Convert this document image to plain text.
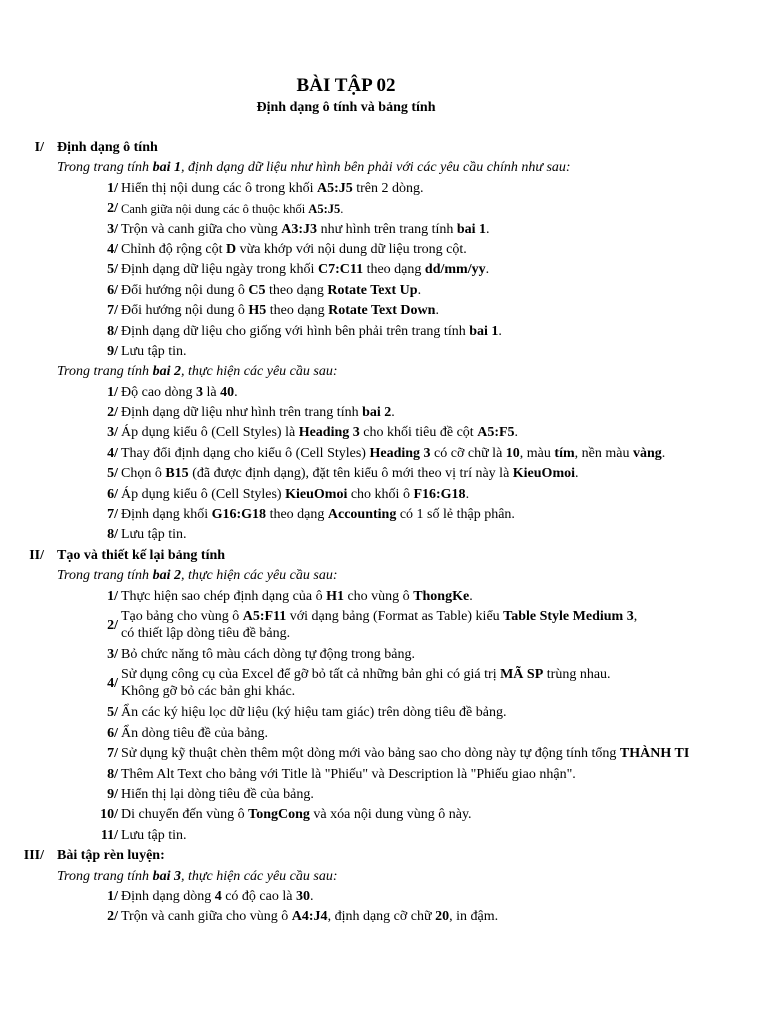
BÀI TẬP 02
Định dạng ô tính và bảng tính
I/ Định dạng ô tính
Trong trang tính bai 1, định dạng dữ liệu như hình bên phải với các yêu cầu chính như sau:
1/ Hiển thị nội dung các ô trong khối A5:J5 trên 2 dòng.
2/ Canh giữa nội dung các ô thuộc khối A5:J5.
3/ Trộn và canh giữa cho vùng A3:J3 như hình trên trang tính bai 1.
4/ Chỉnh độ rộng cột D vừa khớp với nội dung dữ liệu trong cột.
5/ Định dạng dữ liệu ngày trong khối C7:C11 theo dạng dd/mm/yy.
6/ Đổi hướng nội dung ô C5 theo dạng Rotate Text Up.
7/ Đổi hướng nội dung ô H5 theo dạng Rotate Text Down.
8/ Định dạng dữ liệu cho giống với hình bên phải trên trang tính bai 1.
9/ Lưu tập tin.
Trong trang tính bai 2, thực hiện các yêu cầu sau:
1/ Độ cao dòng 3 là 40.
2/ Định dạng dữ liệu như hình trên trang tính bai 2.
3/ Áp dụng kiểu ô (Cell Styles) là Heading 3 cho khối tiêu đề cột A5:F5.
4/ Thay đổi định dạng cho kiểu ô (Cell Styles) Heading 3 có cỡ chữ là 10, màu tím, nền màu vàng.
5/ Chọn ô B15 (đã được định dạng), đặt tên kiểu ô mới theo vị trí này là KieuOmoi.
6/ Áp dụng kiểu ô (Cell Styles) KieuOmoi cho khối ô F16:G18.
7/ Định dạng khối G16:G18 theo dạng Accounting có 1 số lẻ thập phân.
8/ Lưu tập tin.
II/ Tạo và thiết kế lại bảng tính
Trong trang tính bai 2, thực hiện các yêu cầu sau:
1/ Thực hiện sao chép định dạng của ô H1 cho vùng ô ThongKe.
2/
Tạo bảng cho vùng ô A5:F11 với dạng bảng (Format as Table) kiểu Table Style Medium 3,
có thiết lập dòng tiêu đề bảng.
3/ Bỏ chức năng tô màu cách dòng tự động trong bảng.
4/
Sử dụng công cụ của Excel để gỡ bỏ tất cả những bản ghi có giá trị MÃ SP trùng nhau.
Không gỡ bỏ các bản ghi khác.
5/ Ẩn các ký hiệu lọc dữ liệu (ký hiệu tam giác) trên dòng tiêu đề bảng.
6/ Ẩn dòng tiêu đề của bảng.
7/ Sử dụng kỹ thuật chèn thêm một dòng mới vào bảng sao cho dòng này tự động tính tổng THÀNH TI
8/ Thêm Alt Text cho bảng với Title là "Phiếu" và Description là "Phiếu giao nhận".
9/ Hiển thị lại dòng tiêu đề của bảng.
10/ Di chuyển đến vùng ô TongCong và xóa nội dung vùng ô này.
11/ Lưu tập tin.
III/ Bài tập rèn luyện:
Trong trang tính bai 3, thực hiện các yêu cầu sau:
1/ Định dạng dòng 4 có độ cao là 30.
2/ Trộn và canh giữa cho vùng ô A4:J4, định dạng cỡ chữ 20, in đậm.
